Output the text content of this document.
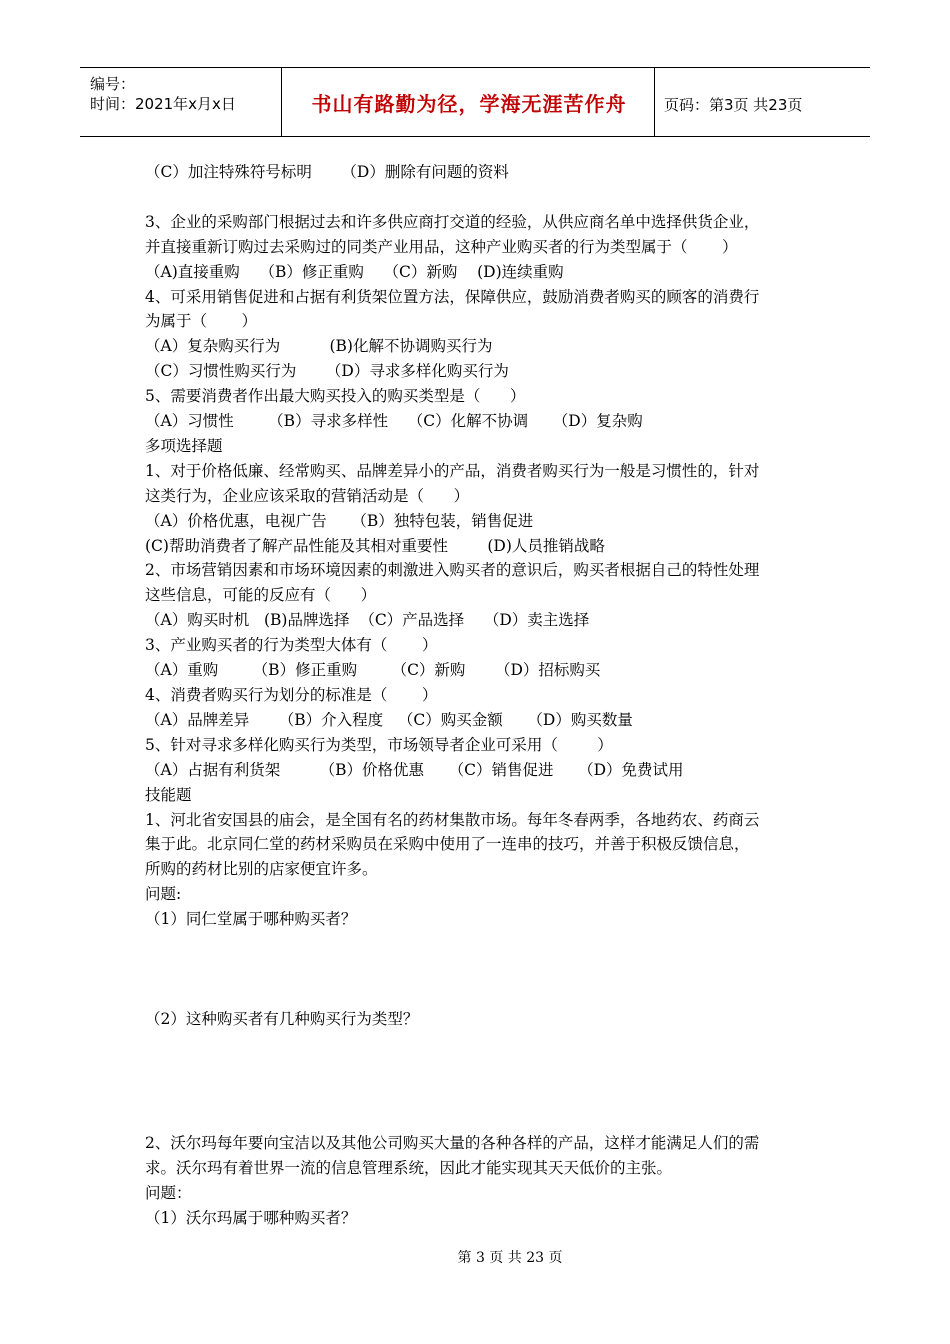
编号：
时间：2021年x月x日	书山有路勤为径，学海无涯苦作舟	页码：第3页 共23页

（C）加注特殊符号标明      （D）删除有问题的资料

3、企业的采购部门根据过去和许多供应商打交道的经验，从供应商名单中选择供货企业，

并直接重新订购过去采购过的同类产业用品，这种产业购买者的行为类型属于（       ）

（A)直接重购    （B）修正重购    （C）新购    (D)连续重购

4、可采用销售促进和占据有利货架位置方法，保障供应，鼓励消费者购买的顾客的消费行

为属于（       ）

（A）复杂购买行为          (B)化解不协调购买行为

（C）习惯性购买行为      （D）寻求多样化购买行为

5、需要消费者作出最大购买投入的购买类型是（      ）

（A）习惯性       （B）寻求多样性    （C）化解不协调     （D）复杂购

多项选择题

1、对于价格低廉、经常购买、品牌差异小的产品，消费者购买行为一般是习惯性的，针对

这类行为，企业应该采取的营销活动是（      ）

（A）价格优惠，电视广告     （B）独特包装，销售促进

(C)帮助消费者了解产品性能及其相对重要性        (D)人员推销战略

2、市场营销因素和市场环境因素的刺激进入购买者的意识后，购买者根据自己的特性处理

这些信息，可能的反应有（      ）

（A）购买时机   (B)品牌选择  （C）产品选择    （D）卖主选择

3、产业购买者的行为类型大体有（       ）

（A）重购       （B）修正重购       （C）新购      （D）招标购买

4、消费者购买行为划分的标准是（       ）

（A）品牌差异      （B）介入程度   （C）购买金额     （D）购买数量

5、针对寻求多样化购买行为类型，市场领导者企业可采用（        ）

（A）占据有利货架        （B）价格优惠     （C）销售促进     （D）免费试用

技能题

1、河北省安国县的庙会，是全国有名的药材集散市场。每年冬春两季，各地药农、药商云

集于此。北京同仁堂的药材采购员在采购中使用了一连串的技巧，并善于积极反馈信息，

所购的药材比别的店家便宜许多。

问题:

（1）同仁堂属于哪种购买者？

（2）这种购买者有几种购买行为类型？

2、沃尔玛每年要向宝洁以及其他公司购买大量的各种各样的产品，这样才能满足人们的需

求。沃尔玛有着世界一流的信息管理系统，因此才能实现其天天低价的主张。

问题：

（1）沃尔玛属于哪种购买者？

第 3 页 共 23 页
